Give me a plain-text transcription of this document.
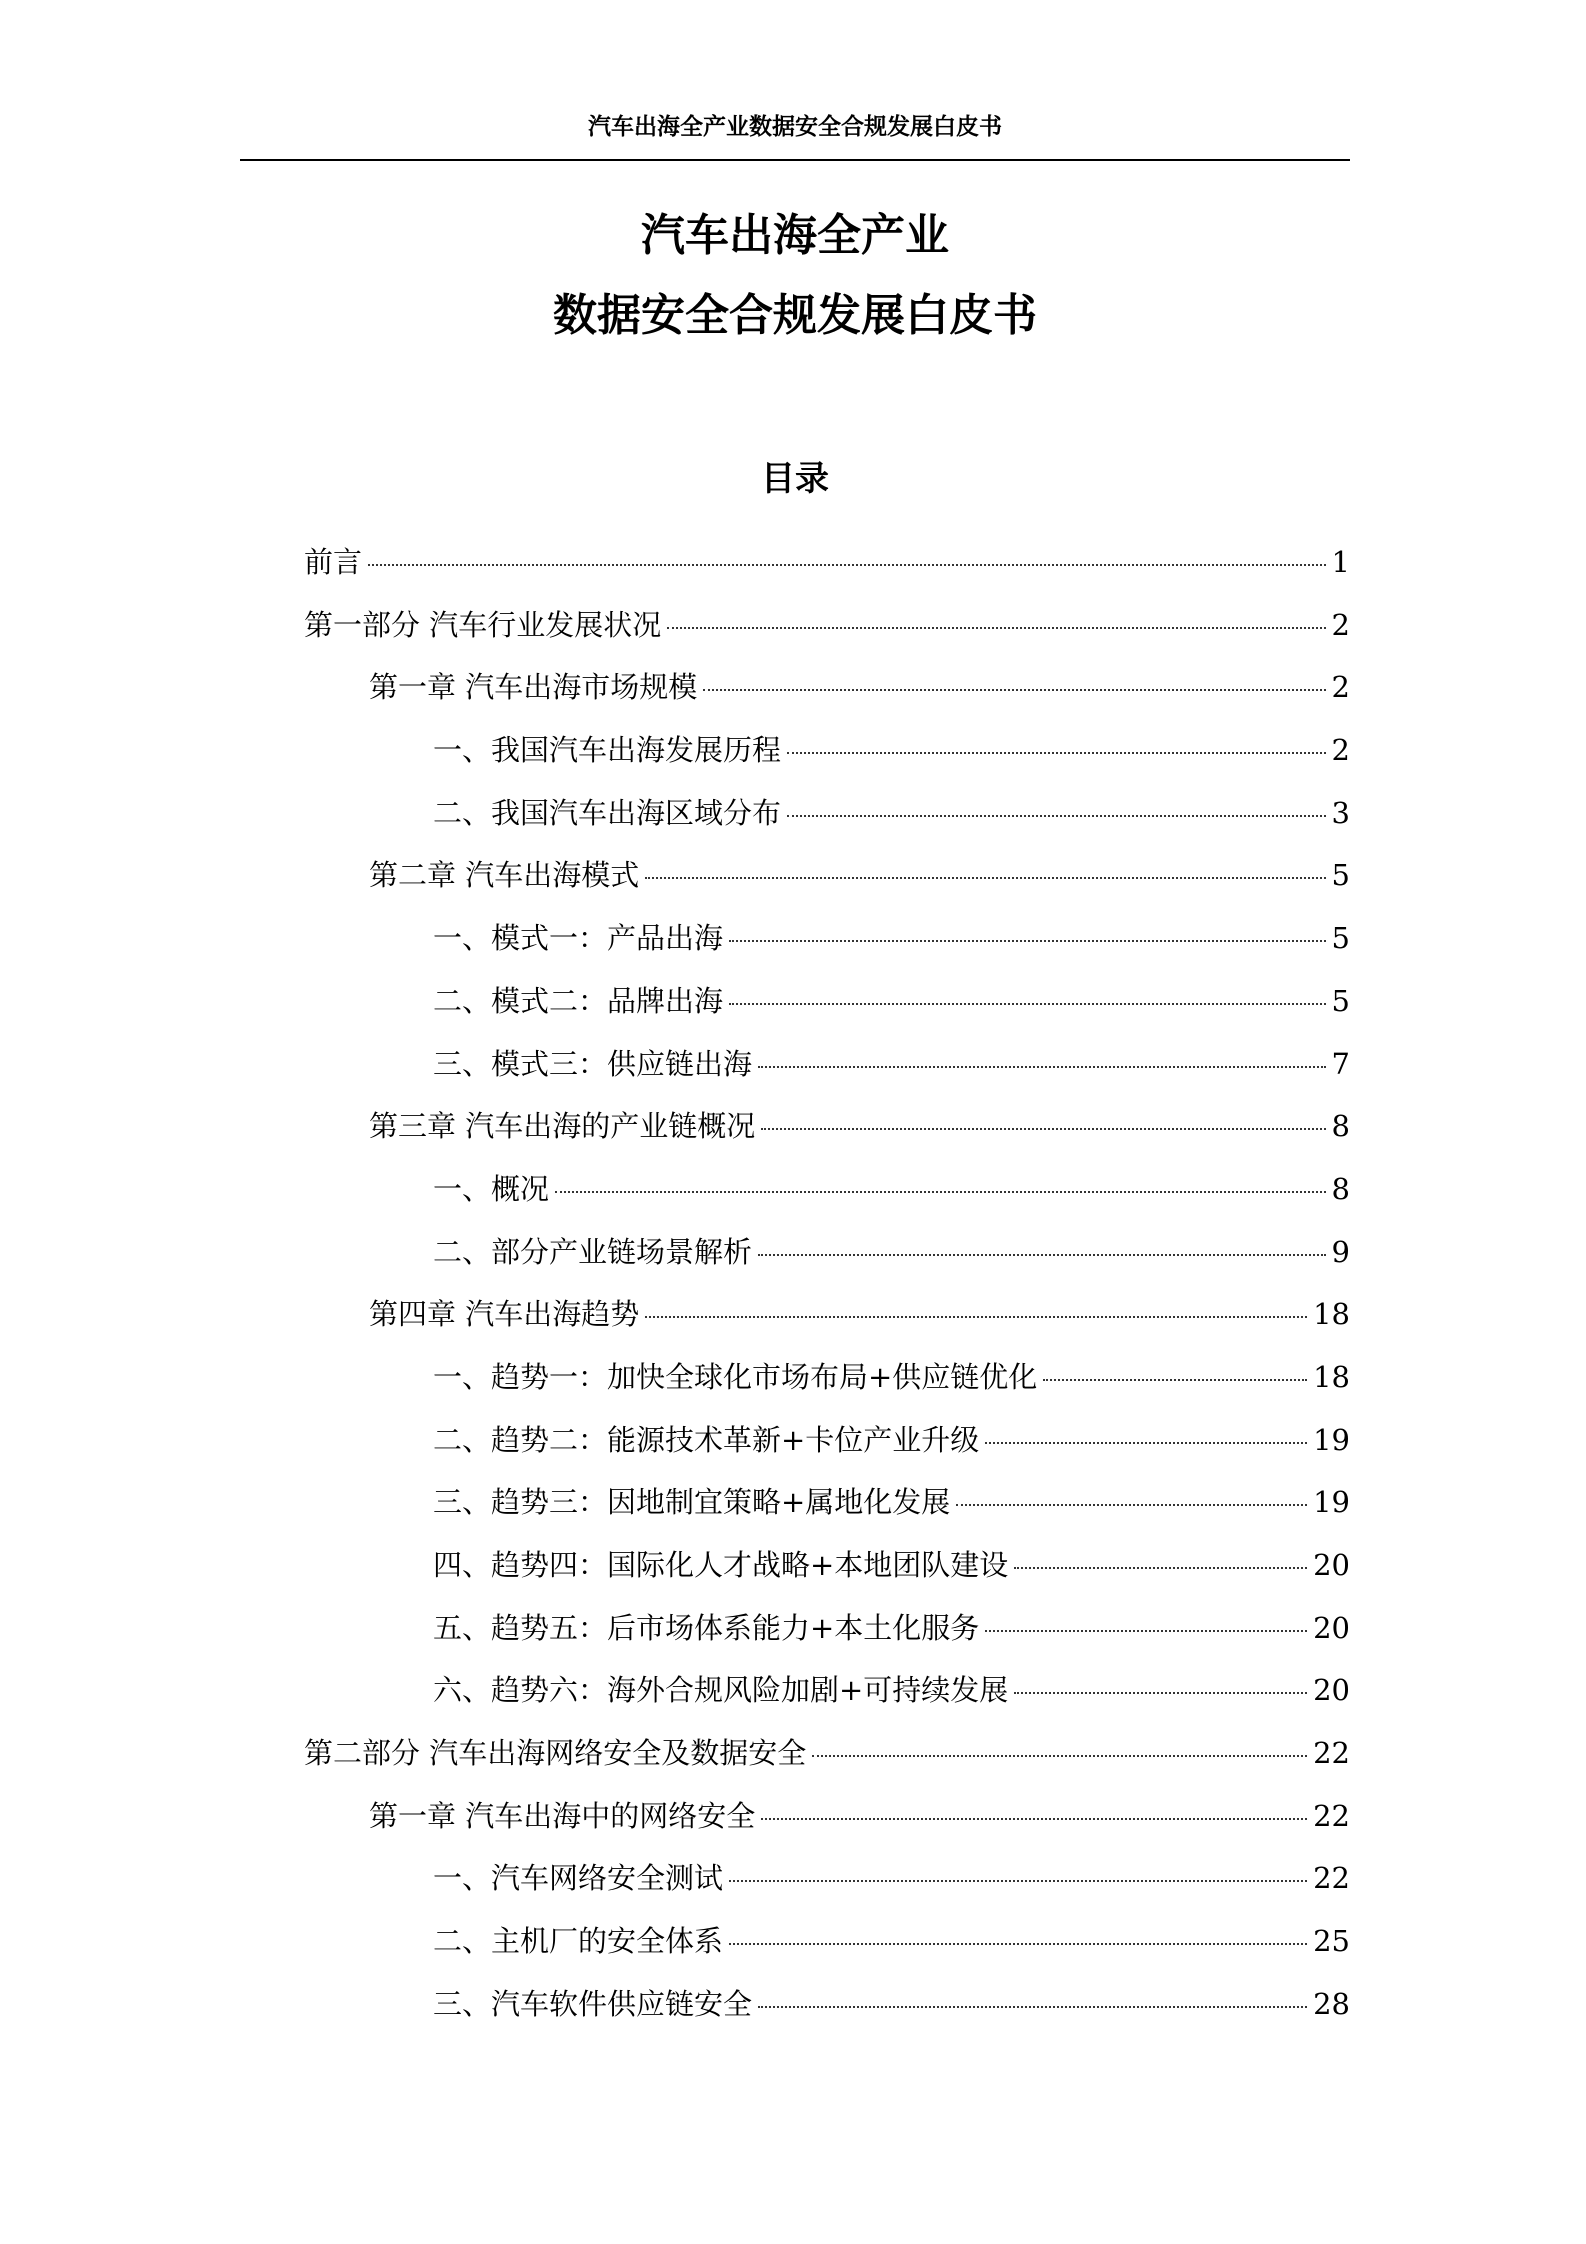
汽车出海全产业数据安全合规发展白皮书
汽车出海全产业
数据安全合规发展白皮书
目录
前言	1
第一部分 汽车行业发展状况	2
第一章 汽车出海市场规模	2
一、我国汽车出海发展历程	2
二、我国汽车出海区域分布	3
第二章 汽车出海模式	5
一、模式一：产品出海	5
二、模式二：品牌出海	5
三、模式三：供应链出海	7
第三章 汽车出海的产业链概况	8
一、概况	8
二、部分产业链场景解析	9
第四章 汽车出海趋势	18
一、趋势一：加快全球化市场布局+供应链优化	18
二、趋势二：能源技术革新+卡位产业升级	19
三、趋势三：因地制宜策略+属地化发展	19
四、趋势四：国际化人才战略+本地团队建设	20
五、趋势五：后市场体系能力+本土化服务	20
六、趋势六：海外合规风险加剧+可持续发展	20
第二部分 汽车出海网络安全及数据安全	22
第一章 汽车出海中的网络安全	22
一、汽车网络安全测试	22
二、主机厂的安全体系	25
三、汽车软件供应链安全	28
